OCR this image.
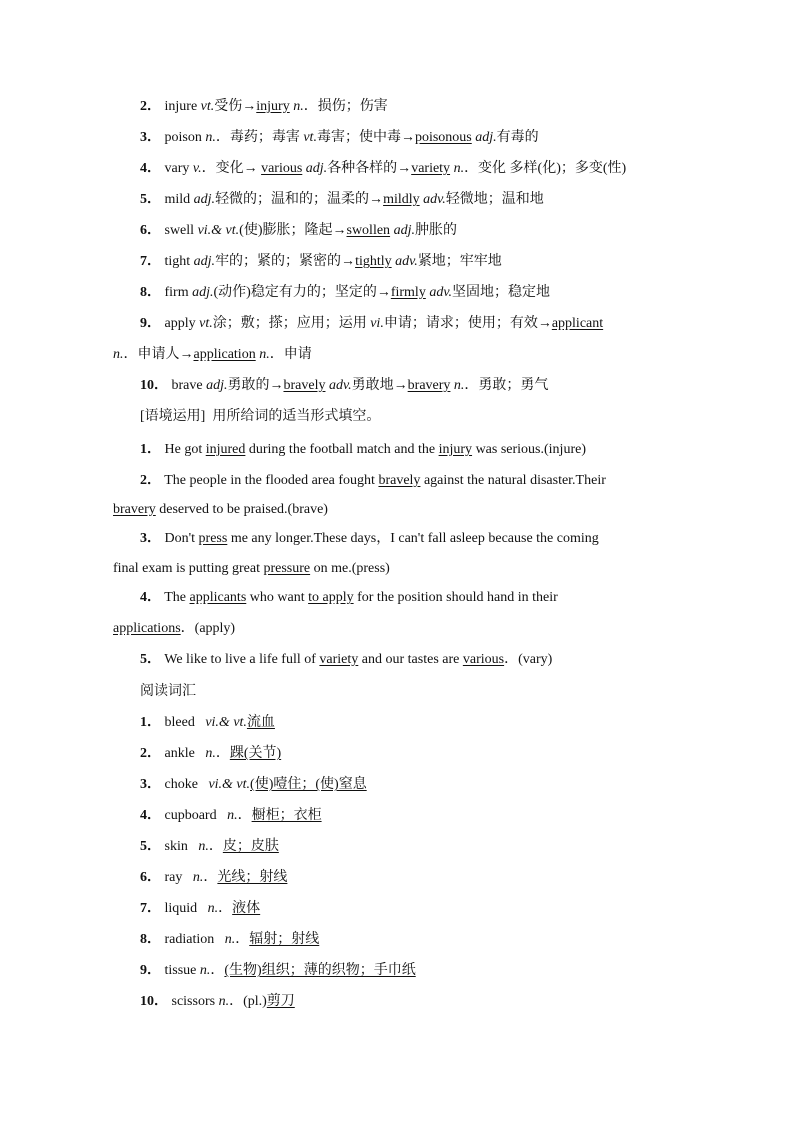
2． injure vt.受伤→injury n.．损伤；伤害
3． poison n.．毒药；毒害 vt.毒害；使中毒→poisonous adj.有毒的
4． vary v.．变化→ various adj.各种各样的→variety n.．变化 多样(化)；多变(性)
5． mild adj.轻微的；温和的；温柔的→mildly adv.轻微地；温和地
6． swell vi.& vt.(使)膨胀；隆起→swollen adj.肿胀的
7． tight adj.牢的；紧的；紧密的→tightly adv.紧地；牢牢地
8． firm adj.(动作)稳定有力的；坚定的→firmly adv.坚固地；稳定地
9． apply vt.涂；敷；搽；应用；运用 vi.申请；请求；使用；有效→applicant
n.．申请人→application n.．申请
10． brave adj.勇敢的→bravely adv.勇敢地→bravery n.．勇敢；勇气
[语境运用] 用所给词的适当形式填空。
1． He got injured during the football match and the injury was serious.(injure)
2． The people in the flooded area fought bravely against the natural disaster.Their
bravery deserved to be praised.(brave)
3． Don't press me any longer.These days，I can't fall asleep because the coming
final exam is putting great pressure on me.(press)
4． The applicants who want to apply for the position should hand in their
applications．(apply)
5． We like to live a life full of variety and our tastes are various．(vary)
阅读词汇
1． bleed vi.& vt.流血
2． ankle n.．踝(关节)
3． choke vi.& vt.(使)噎住；(使)窒息
4． cupboard n.．橱柜；衣柜
5． skin n.．皮；皮肤
6． ray n.．光线；射线
7． liquid n.．液体
8． radiation n.．辐射；射线
9． tissue n.．(生物)组织；薄的织物；手巾纸
10． scissors n.．(pl.)剪刀
